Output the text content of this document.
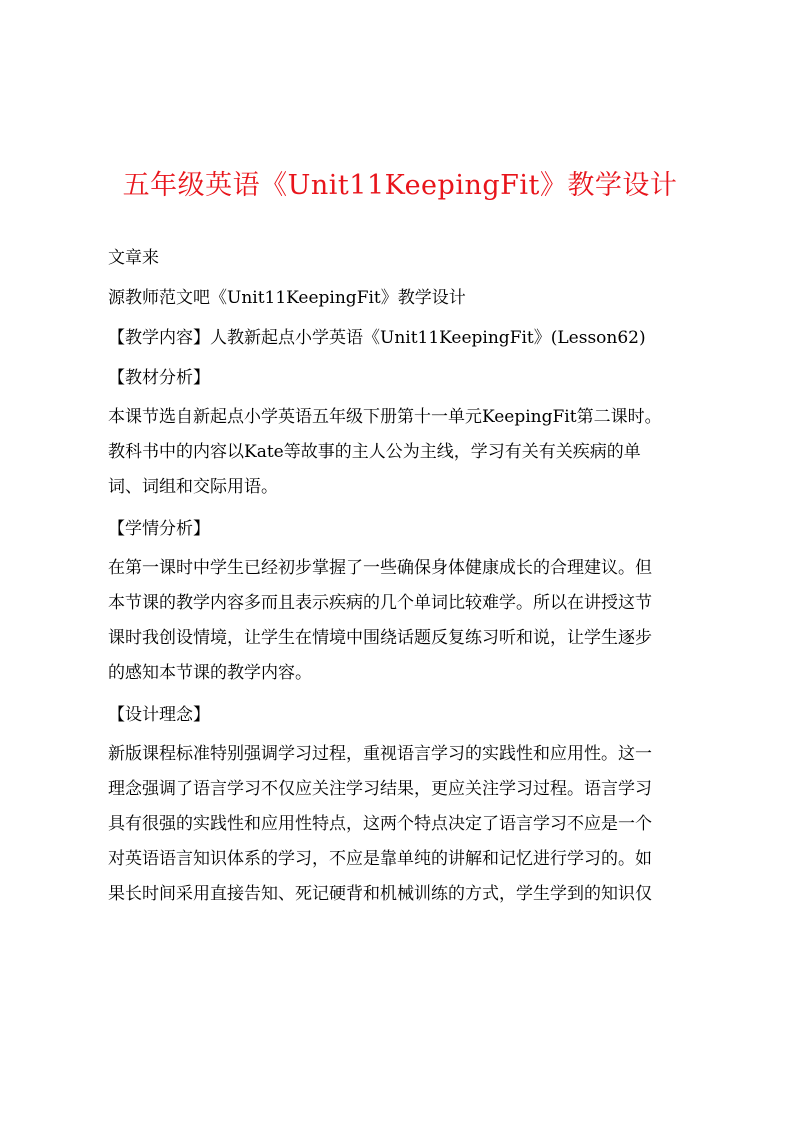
五年级英语《Unit11KeepingFit》教学设计

文章来

源教师范文吧《Unit11KeepingFit》教学设计

【教学内容】人教新起点小学英语《Unit11KeepingFit》(Lesson62)

【教材分析】

本课节选自新起点小学英语五年级下册第十一单元KeepingFit第二课时。

教科书中的内容以Kate等故事的主人公为主线，学习有关有关疾病的单

词、词组和交际用语。

【学情分析】

在第一课时中学生已经初步掌握了一些确保身体健康成长的合理建议。但

本节课的教学内容多而且表示疾病的几个单词比较难学。所以在讲授这节

课时我创设情境，让学生在情境中围绕话题反复练习听和说，让学生逐步

的感知本节课的教学内容。

【设计理念】

新版课程标准特别强调学习过程，重视语言学习的实践性和应用性。这一

理念强调了语言学习不仅应关注学习结果，更应关注学习过程。语言学习

具有很强的实践性和应用性特点，这两个特点决定了语言学习不应是一个

对英语语言知识体系的学习，不应是靠单纯的讲解和记忆进行学习的。如

果长时间采用直接告知、死记硬背和机械训练的方式，学生学到的知识仅
